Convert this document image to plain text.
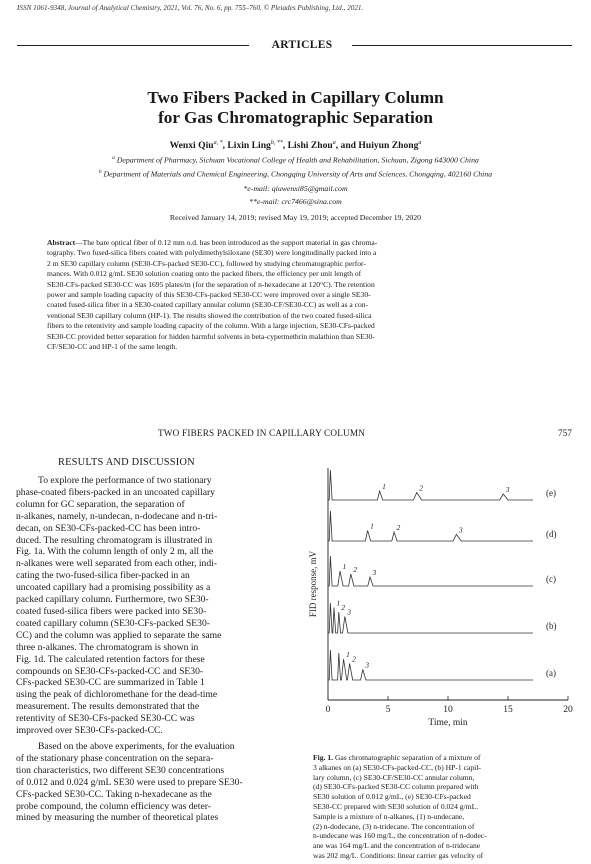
ISSN 1061-9348, Journal of Analytical Chemistry, 2021, Vol. 76, No. 6, pp. 755–760. © Pleiades Publishing, Ltd., 2021.
ARTICLES
Two Fibers Packed in Capillary Column
for Gas Chromatographic Separation
Wenxi Qiu$^{a, *}$, Lixin Ling$^{b, **}$, Lishi Zhou$^a$, and Huiyun Zhong$^a$
$^a$ Department of Pharmacy, Sichuan Vocational College of Health and Rehabilitation, Sichuan, Zigong 643000 China
$^b$ Department of Materials and Chemical Engineering, Chongqing University of Arts and Sciences, Chongqing, 402160 China
*e-mail: qiuwenxi85@gmail.com
**e-mail: crc7466@sina.com
Received January 14, 2019; revised May 19, 2019; accepted December 19, 2020
Abstract—The bare optical fiber of 0.12 mm o.d. has been introduced as the support material in gas chroma-
tography. Two fused-silica fibers coated with polydimethylsiloxane (SE30) were longitudinally packed into a
2 m SE30 capillary column (SE30-CFs-packed SE30-CC), followed by studying chromatographic perfor-
mances. With 0.012 g/mL SE30 solution coating onto the packed fibers, the efficiency per unit length of
SE30-CFs-packed SE30-CC was 1695 plates/m (for the separation of n-hexadecane at 120°C). The retention
power and sample loading capacity of this SE30-CFs-packed SE30-CC were improved over a single SE30-
coated fused-silica fiber in a SE30-coated capillary annular column (SE30-CF/SE30-CC) as well as a con-
ventional SE30 capillary column (HP-1). The results showed the contribution of the two coated fused-silica
fibers to the retentivity and sample loading capacity of the column. With a large injection, SE30-CFs-packed
SE30-CC provided better separation for hidden harmful solvents in beta-cypermethrin malathion than SE30-
CF/SE30-CC and HP-1 of the same length.
TWO FIBERS PACKED IN CAPILLARY COLUMN	757
RESULTS AND DISCUSSION
To explore the performance of two stationary
phase-coated fibers-packed in an uncoated capillary
column for GC separation, the separation of
n-alkanes, namely, n-undecan, n-dodecane and n-tri-
decan, on SE30-CFs-packed-CC has been intro-
duced. The resulting chromatogram is illustrated in
Fig. 1a. With the column length of only 2 m, all the
n-alkanes were well separated from each other, indi-
cating the two-fused-silica fiber-packed in an
uncoated capillary had a promising possibility as a
packed capillary column. Furthermore, two SE30-
coated fused-silica fibers were packed into SE30-
coated capillary column (SE30-CFs-packed SE30-
CC) and the column was applied to separate the same
three n-alkanes. The chromatogram is shown in
Fig. 1d. The calculated retention factors for these
compounds on SE30-CFs-packed-CC and SE30-
CFs-packed SE30-CC are summarized in Table 1
using the peak of dichloromethane for the dead-time
measurement. The results demonstrated that the
retentivity of SE30-CFs-packed SE30-CC was
improved over SE30-CFs-packed-CC.
Based on the above experiments, for the evaluation
of the stationary phase concentration on the separa-
tion characteristics, two different SE30 concentrations
of 0.012 and 0.024 g/mL SE30 were used to prepare SE30-
CFs-packed SE30-CC. Taking n-hexadecane as the
probe compound, the column efficiency was deter-
mined by measuring the number of theoretical plates
0	5	10	15	20
Time, min
FID response, mV
1 2
3
(a)
1 2 3
(b)
1 2 3
(c)
1	2	3	(d)
1	2	3	(e)
Fig. 1. Gas chromatographic separation of a mixture of
3 alkanes on (a) SE30-CFs-packed-CC, (b) HP-1 capil-
lary column, (c) SE30-CF/SE30-CC annular column,
(d) SE30-CFs-packed SE30-CC column prepared with
SE30 solution of 0.012 g/mL, (e) SE30-CFs-packed
SE30-CC prepared with SE30 solution of 0.024 g/mL.
Sample is a mixture of n-alkanes, (1) n-undecane,
(2) n-dodecane, (3) n-tridecane. The concentration of
n-undecane was 160 mg/L, the concentration of n-dodec-
ane was 164 mg/L and the concentration of n-tridecane
was 202 mg/L. Conditions: linear carrier gas velocity of
